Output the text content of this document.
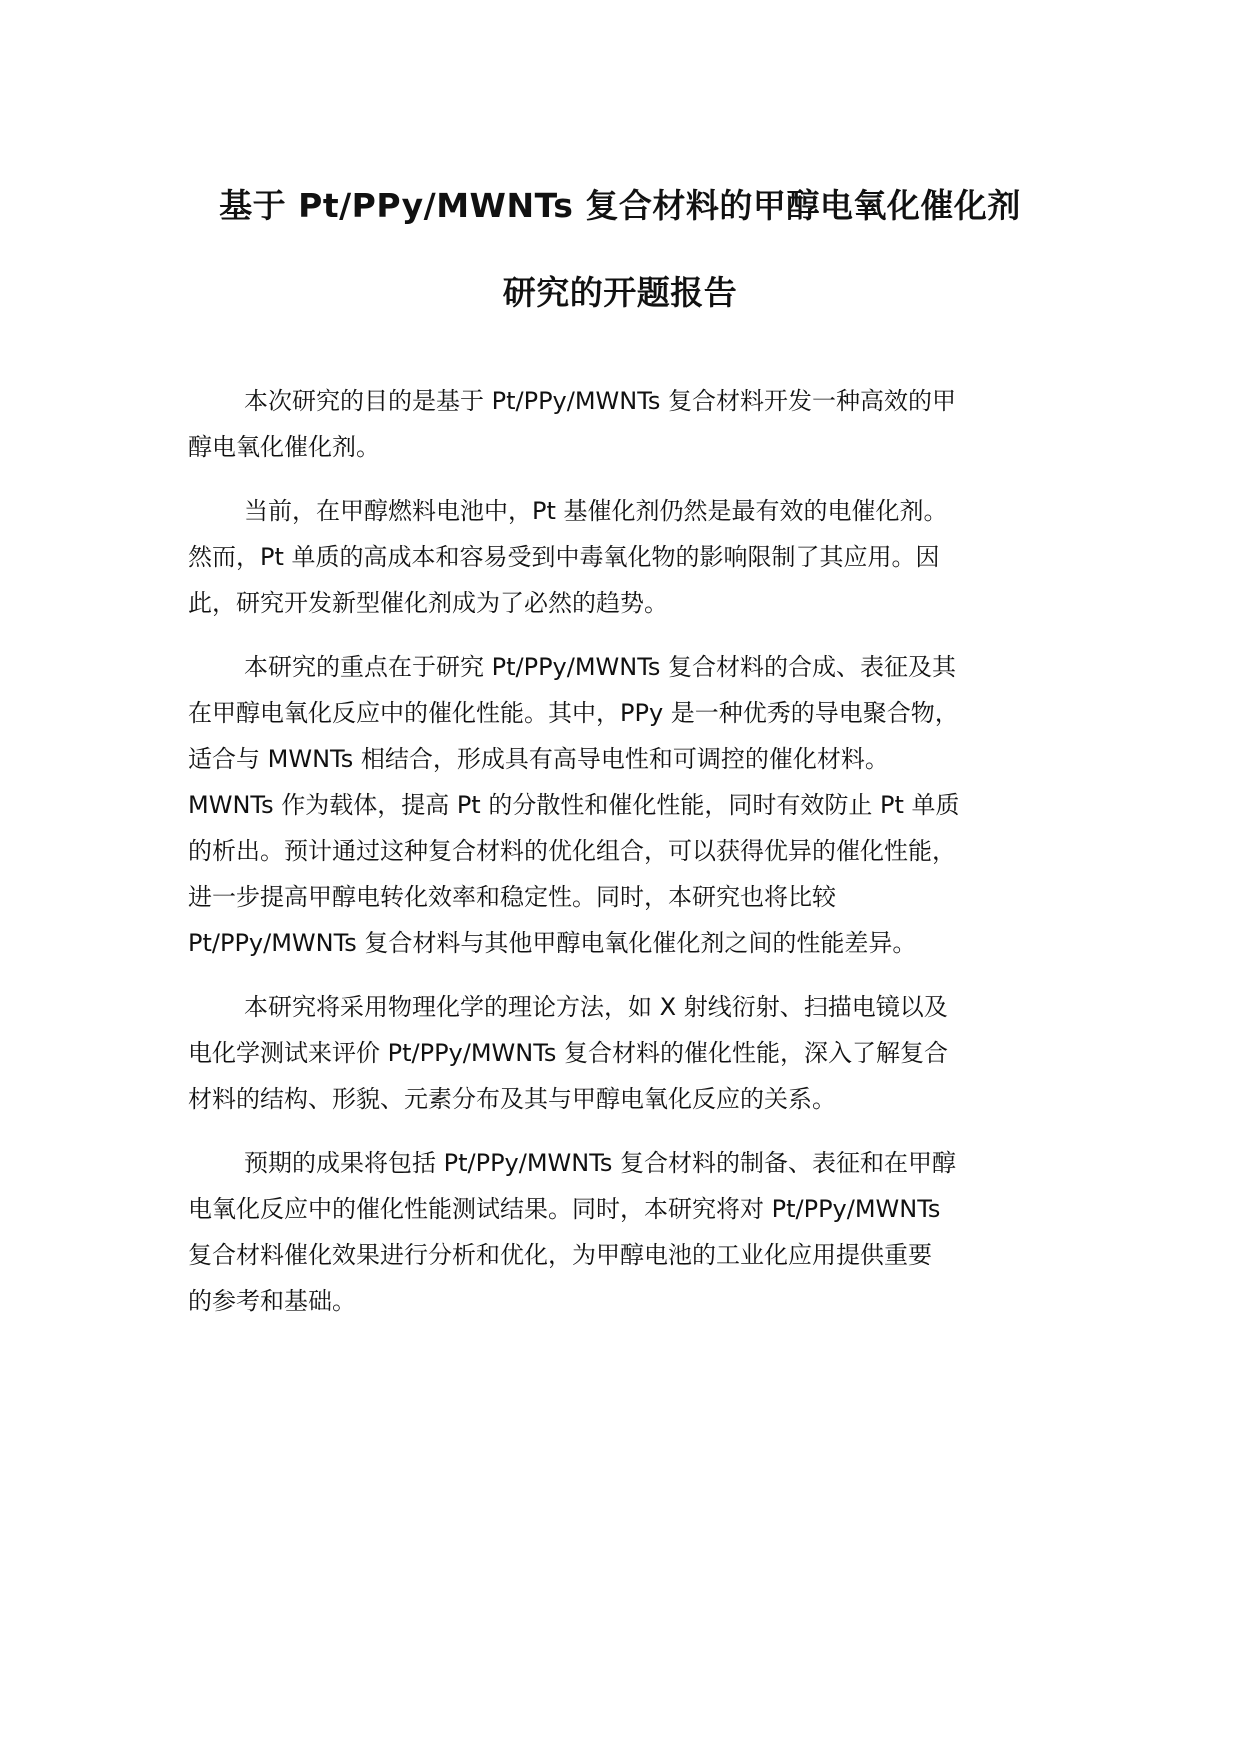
基于 Pt/PPy/MWNTs 复合材料的甲醇电氧化催化剂
研究的开题报告

本次研究的目的是基于 Pt/PPy/MWNTs 复合材料开发一种高效的甲
醇电氧化催化剂。

当前，在甲醇燃料电池中，Pt 基催化剂仍然是最有效的电催化剂。
然而，Pt 单质的高成本和容易受到中毒氧化物的影响限制了其应用。因
此，研究开发新型催化剂成为了必然的趋势。

本研究的重点在于研究 Pt/PPy/MWNTs 复合材料的合成、表征及其
在甲醇电氧化反应中的催化性能。其中，PPy 是一种优秀的导电聚合物，
适合与 MWNTs 相结合，形成具有高导电性和可调控的催化材料。
MWNTs 作为载体，提高 Pt 的分散性和催化性能，同时有效防止 Pt 单质
的析出。预计通过这种复合材料的优化组合，可以获得优异的催化性能，
进一步提高甲醇电转化效率和稳定性。同时，本研究也将比较
Pt/PPy/MWNTs 复合材料与其他甲醇电氧化催化剂之间的性能差异。

本研究将采用物理化学的理论方法，如 X 射线衍射、扫描电镜以及
电化学测试来评价 Pt/PPy/MWNTs 复合材料的催化性能，深入了解复合
材料的结构、形貌、元素分布及其与甲醇电氧化反应的关系。

预期的成果将包括 Pt/PPy/MWNTs 复合材料的制备、表征和在甲醇
电氧化反应中的催化性能测试结果。同时，本研究将对 Pt/PPy/MWNTs
复合材料催化效果进行分析和优化，为甲醇电池的工业化应用提供重要
的参考和基础。
